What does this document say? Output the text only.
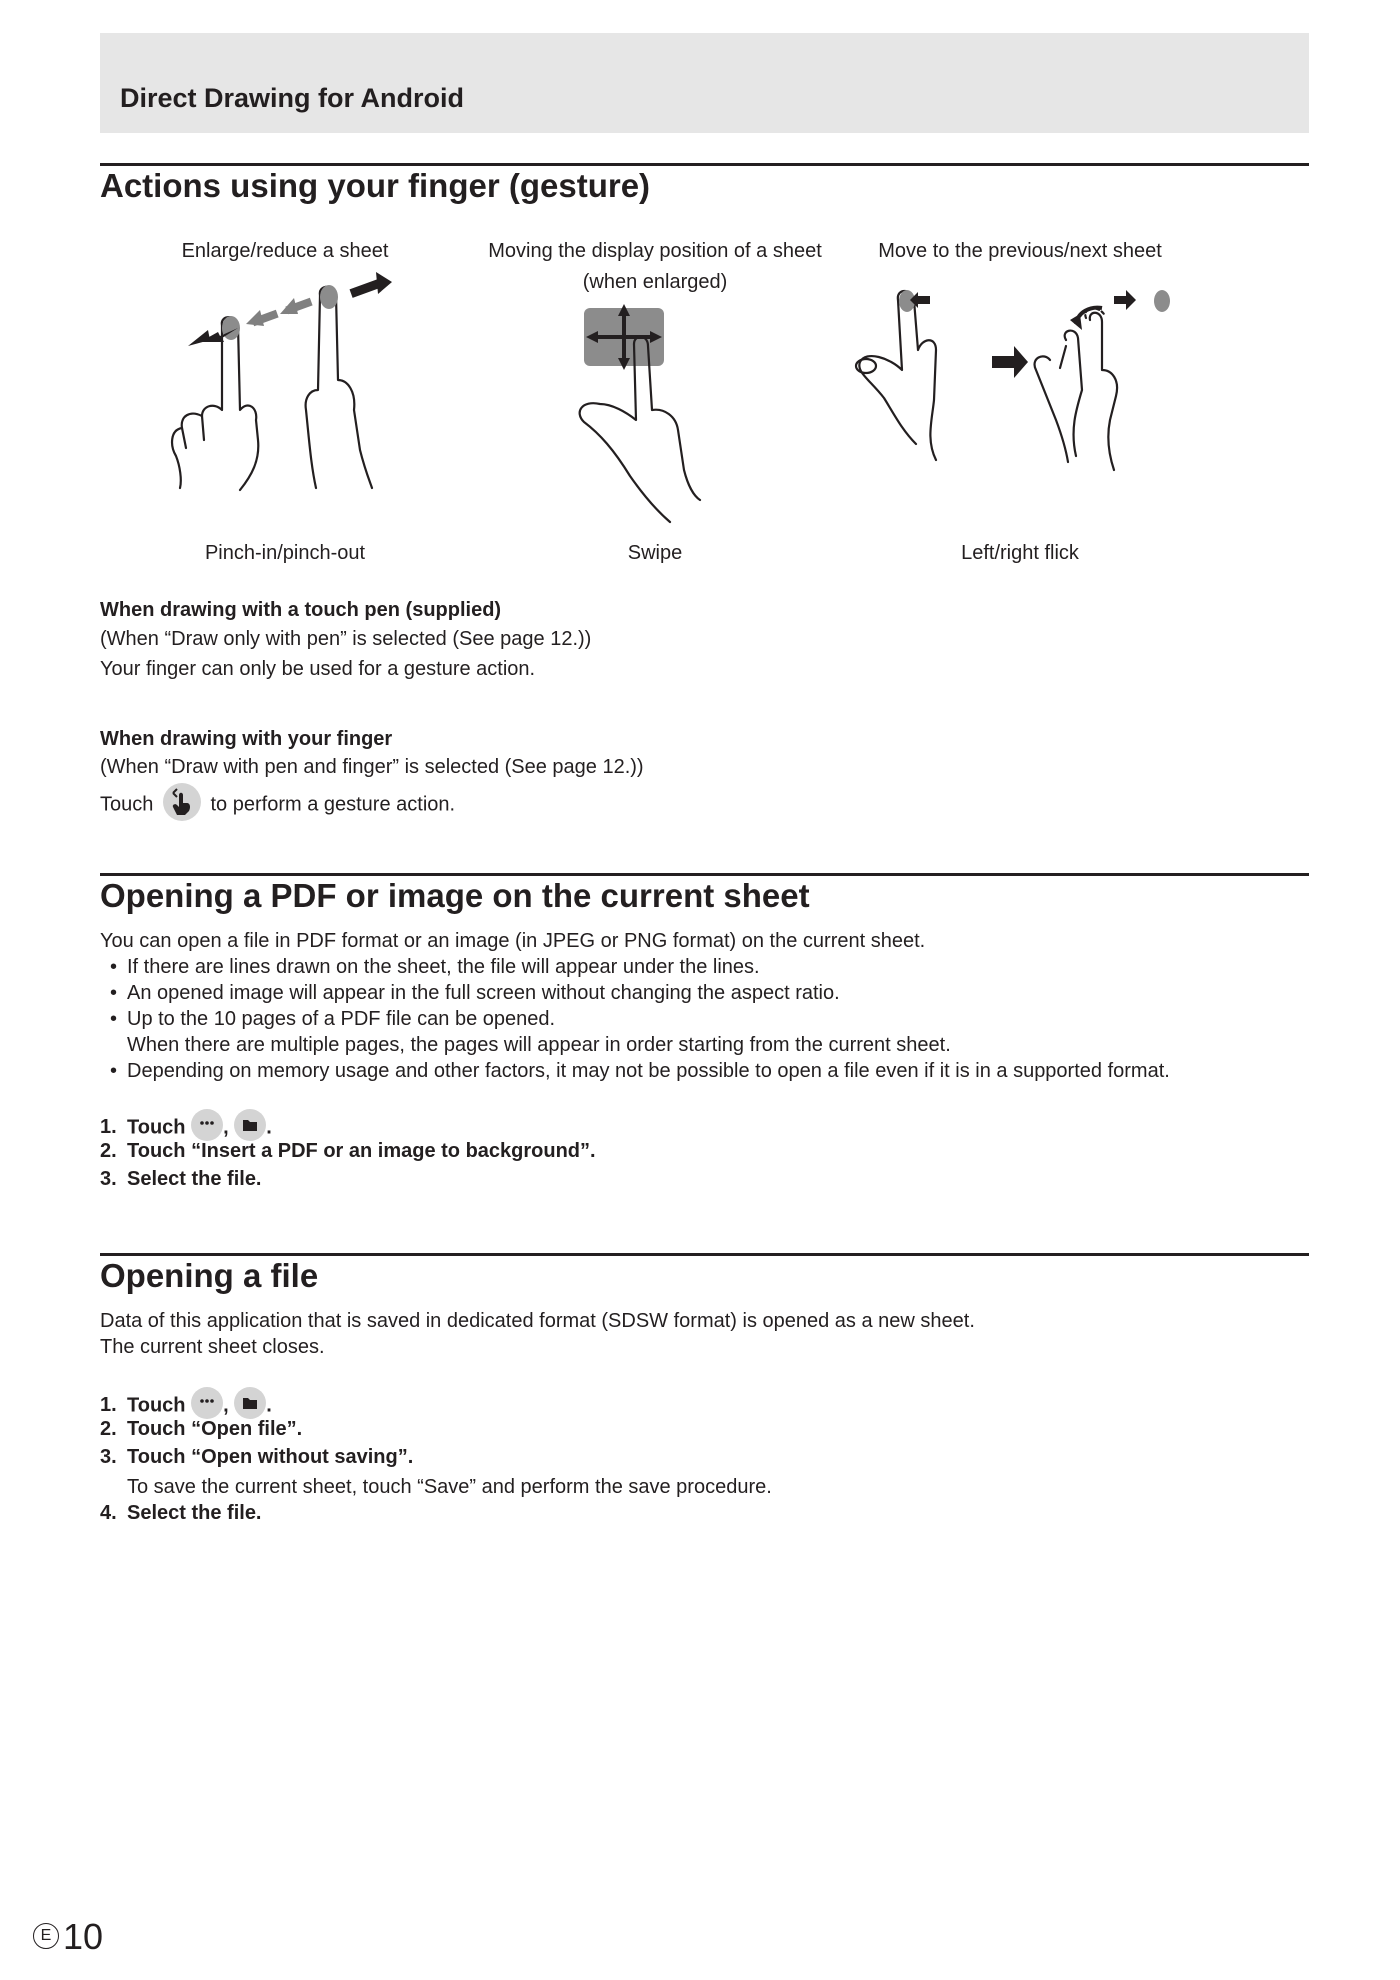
Direct Drawing for Android
Actions using your finger (gesture)
Enlarge/reduce a sheet	Moving the display position of a sheet
(when enlarged)
Move to the previous/next sheet
Pinch-in/pinch-out	Swipe	Left/right flick
When drawing with a touch pen (supplied)
(When “Draw only with pen” is selected (See page 12.))
Your finger can only be used for a gesture action.
When drawing with your finger
(When “Draw with pen and finger” is selected (See page 12.))
Touch	to perform a gesture action.
Opening a PDF or image on the current sheet
You can open a file in PDF format or an image (in JPEG or PNG format) on the current sheet.
• If there are lines drawn on the sheet, the file will appear under the lines.
• An opened image will appear in the full screen without changing the aspect ratio.
• Up to the 10 pages of a PDF file can be opened.
When there are multiple pages, the pages will appear in order starting from the current sheet.
• Depending on memory usage and other factors, it may not be possible to open a file even if it is in a supported format.
1. Touch ,
.
2. Touch “Insert a PDF or an image to background”.
3. Select the file.
Opening a file
Data of this application that is saved in dedicated format (SDSW format) is opened as a new sheet.
The current sheet closes.
1. Touch ,
.
2. Touch “Open file”.
3. Touch “Open without saving”.
To save the current sheet, touch “Save” and perform the save procedure.
4. Select the file.
E 10
